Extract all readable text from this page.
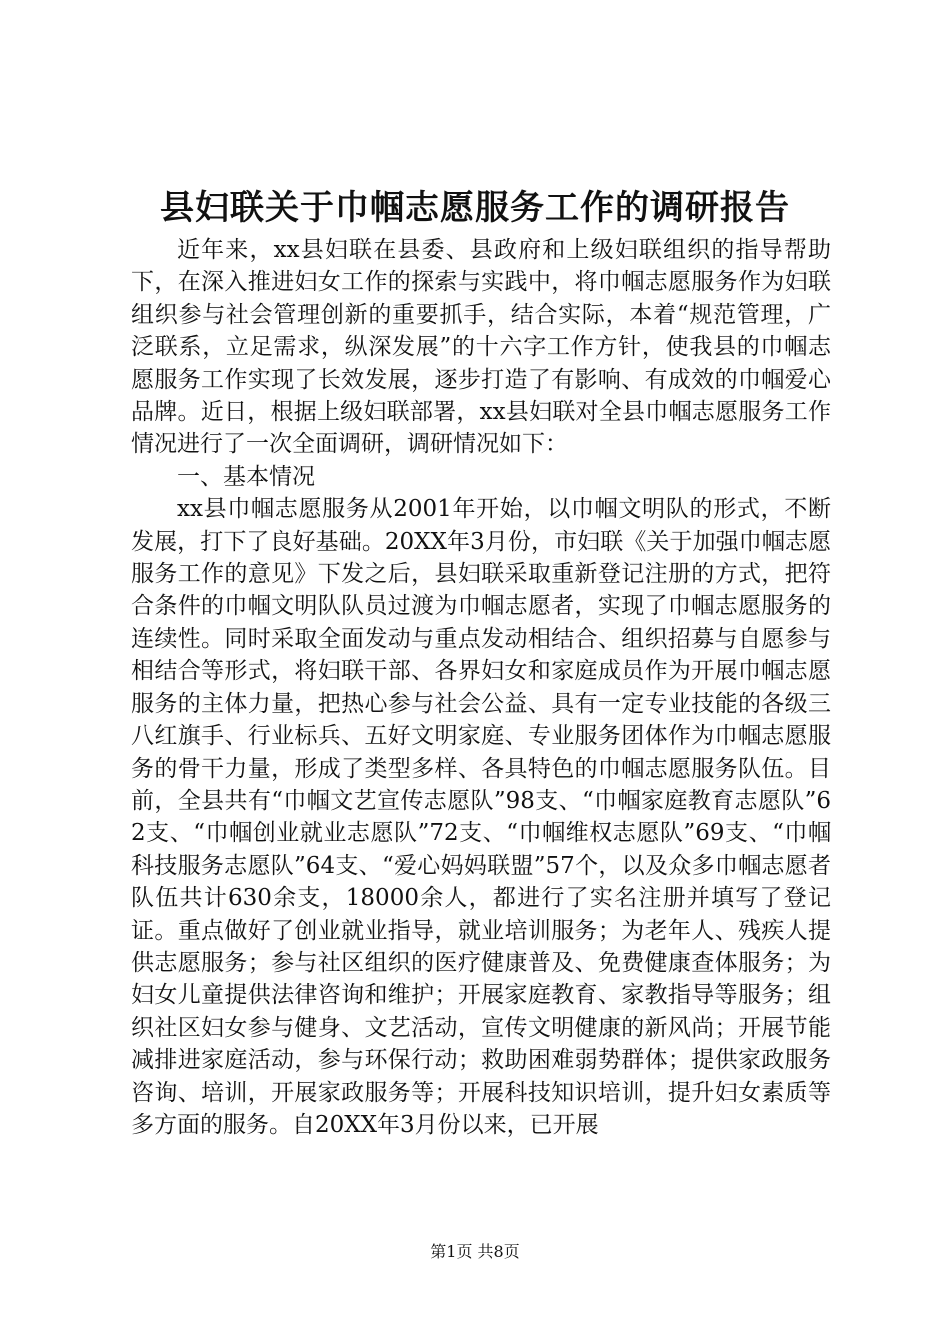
县妇联关于巾帼志愿服务工作的调研报告

近年来，xx县妇联在县委、县政府和上级妇联组织的指导帮助下，在深入推进妇女工作的探索与实践中，将巾帼志愿服务作为妇联组织参与社会管理创新的重要抓手，结合实际，本着“规范管理，广泛联系，立足需求，纵深发展”的十六字工作方针，使我县的巾帼志愿服务工作实现了长效发展，逐步打造了有影响、有成效的巾帼爱心品牌。近日，根据上级妇联部署，xx县妇联对全县巾帼志愿服务工作情况进行了一次全面调研，调研情况如下：

一、基本情况

xx县巾帼志愿服务从2001年开始，以巾帼文明队的形式，不断发展，打下了良好基础。20XX年3月份，市妇联《关于加强巾帼志愿服务工作的意见》下发之后，县妇联采取重新登记注册的方式，把符合条件的巾帼文明队队员过渡为巾帼志愿者，实现了巾帼志愿服务的连续性。同时采取全面发动与重点发动相结合、组织招募与自愿参与相结合等形式，将妇联干部、各界妇女和家庭成员作为开展巾帼志愿服务的主体力量，把热心参与社会公益、具有一定专业技能的各级三八红旗手、行业标兵、五好文明家庭、专业服务团体作为巾帼志愿服务的骨干力量，形成了类型多样、各具特色的巾帼志愿服务队伍。目前，全县共有“巾帼文艺宣传志愿队”98支、“巾帼家庭教育志愿队”62支、“巾帼创业就业志愿队”72支、“巾帼维权志愿队”69支、“巾帼科技服务志愿队”64支、“爱心妈妈联盟”57个，以及众多巾帼志愿者队伍共计630余支，18000余人，都进行了实名注册并填写了登记证。重点做好了创业就业指导，就业培训服务；为老年人、残疾人提供志愿服务；参与社区组织的医疗健康普及、免费健康查体服务；为妇女儿童提供法律咨询和维护；开展家庭教育、家教指导等服务；组织社区妇女参与健身、文艺活动，宣传文明健康的新风尚；开展节能减排进家庭活动，参与环保行动；救助困难弱势群体；提供家政服务咨询、培训，开展家政服务等；开展科技知识培训，提升妇女素质等多方面的服务。自20XX年3月份以来，已开展

第1页 共8页
